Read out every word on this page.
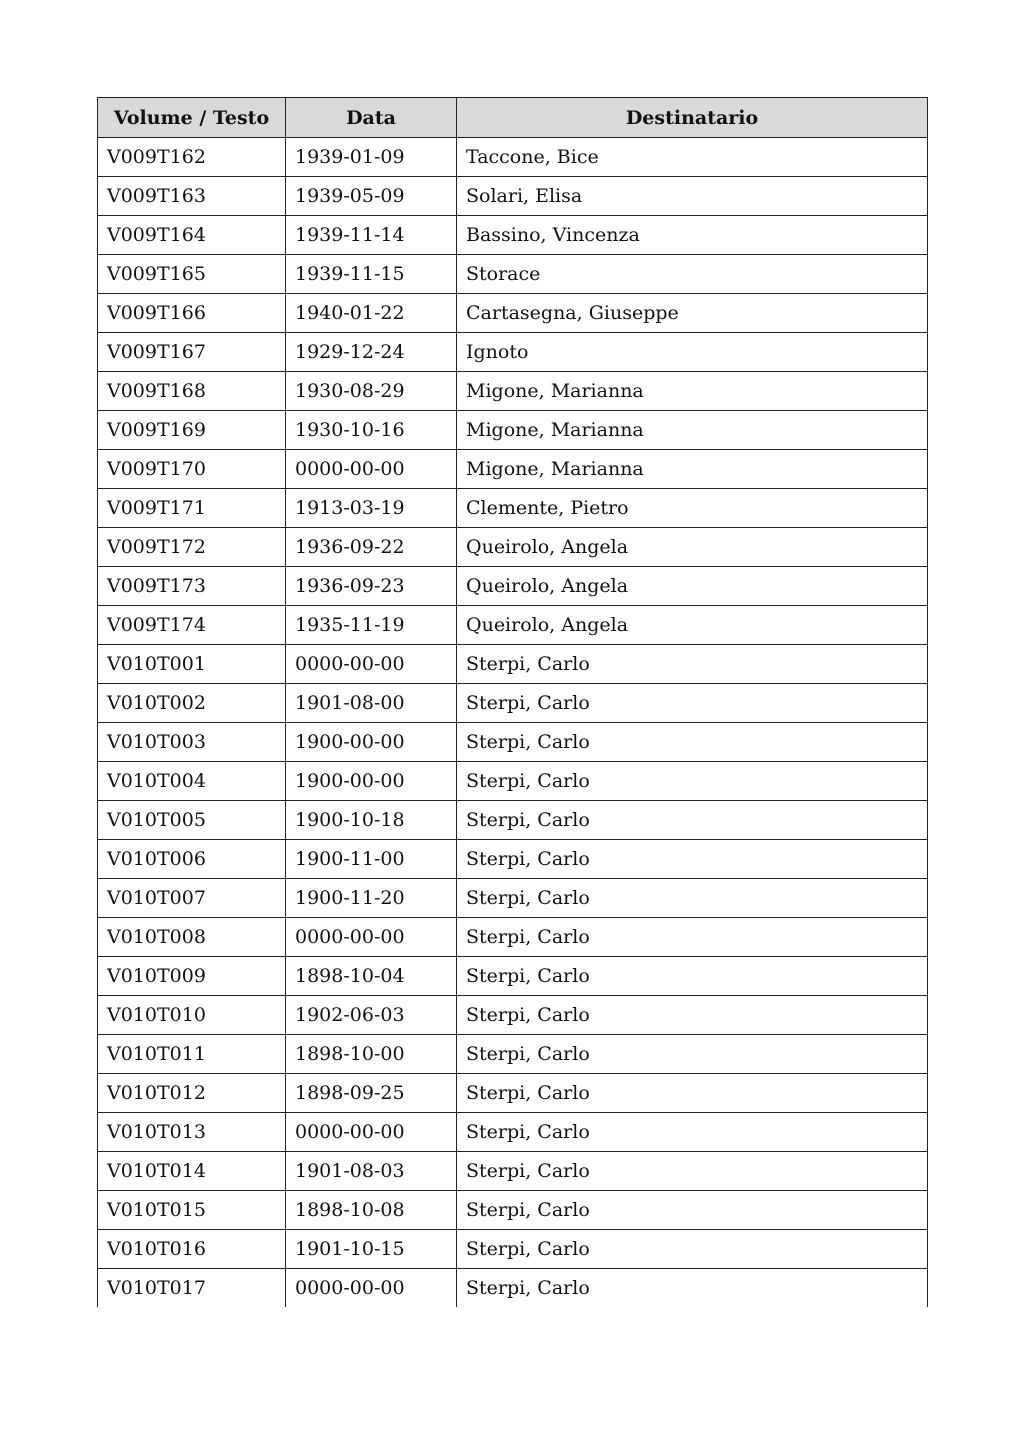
Volume / Testo	Data	Destinatario
V009T162	1939-01-09	Taccone, Bice
V009T163	1939-05-09	Solari, Elisa
V009T164	1939-11-14	Bassino, Vincenza
V009T165	1939-11-15	Storace
V009T166	1940-01-22	Cartasegna, Giuseppe
V009T167	1929-12-24	Ignoto
V009T168	1930-08-29	Migone, Marianna
V009T169	1930-10-16	Migone, Marianna
V009T170	0000-00-00	Migone, Marianna
V009T171	1913-03-19	Clemente, Pietro
V009T172	1936-09-22	Queirolo, Angela
V009T173	1936-09-23	Queirolo, Angela
V009T174	1935-11-19	Queirolo, Angela
V010T001	0000-00-00	Sterpi, Carlo
V010T002	1901-08-00	Sterpi, Carlo
V010T003	1900-00-00	Sterpi, Carlo
V010T004	1900-00-00	Sterpi, Carlo
V010T005	1900-10-18	Sterpi, Carlo
V010T006	1900-11-00	Sterpi, Carlo
V010T007	1900-11-20	Sterpi, Carlo
V010T008	0000-00-00	Sterpi, Carlo
V010T009	1898-10-04	Sterpi, Carlo
V010T010	1902-06-03	Sterpi, Carlo
V010T011	1898-10-00	Sterpi, Carlo
V010T012	1898-09-25	Sterpi, Carlo
V010T013	0000-00-00	Sterpi, Carlo
V010T014	1901-08-03	Sterpi, Carlo
V010T015	1898-10-08	Sterpi, Carlo
V010T016	1901-10-15	Sterpi, Carlo
V010T017	0000-00-00	Sterpi, Carlo
